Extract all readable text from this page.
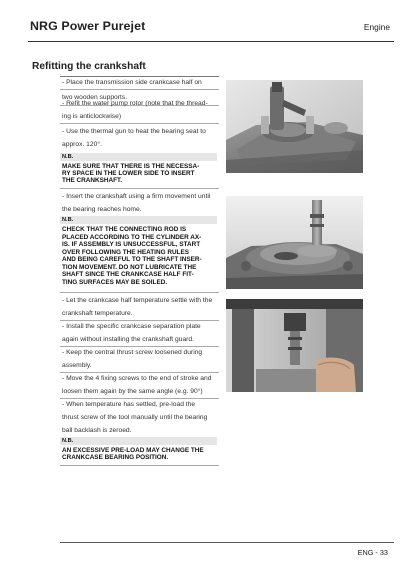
NRG Power Purejet	Engine
Refitting the crankshaft
- Place the transmission side crankcase half on
two wooden supports.
- Refit the water pump rotor (note that the thread-
ing is anticlockwise)
- Use the thermal gun to heat the bearing seat to
approx. 120°.
N.B.
MAKE SURE THAT THERE IS THE NECESSA-
RY SPACE IN THE LOWER SIDE TO INSERT
THE CRANKSHAFT.
- Insert the crankshaft using a firm movement until
the bearing reaches home.
N.B.
CHECK THAT THE CONNECTING ROD IS
PLACED ACCORDING TO THE CYLINDER AX-
IS. IF ASSEMBLY IS UNSUCCESSFUL, START
OVER FOLLOWING THE HEATING RULES
AND BEING CAREFUL TO THE SHAFT INSER-
TION MOVEMENT. DO NOT LUBRICATE THE
SHAFT SINCE THE CRANKCASE HALF FIT-
TING SURFACES MAY BE SOILED.
- Let the crankcase half temperature settle with the
crankshaft temperature.
- Install the specific crankcase separation plate
again without installing the crankshaft guard.
- Keep the central thrust screw loosened during
assembly.
- Move the 4 fixing screws to the end of stroke and
loosen them again by the same angle (e.g. 90°)
- When temperature has settled, pre-load the
thrust screw of the tool manually until the bearing
ball backlash is zeroed.
N.B.
AN EXCESSIVE PRE-LOAD MAY CHANGE THE
CRANKCASE BEARING POSITION.
ENG - 33
